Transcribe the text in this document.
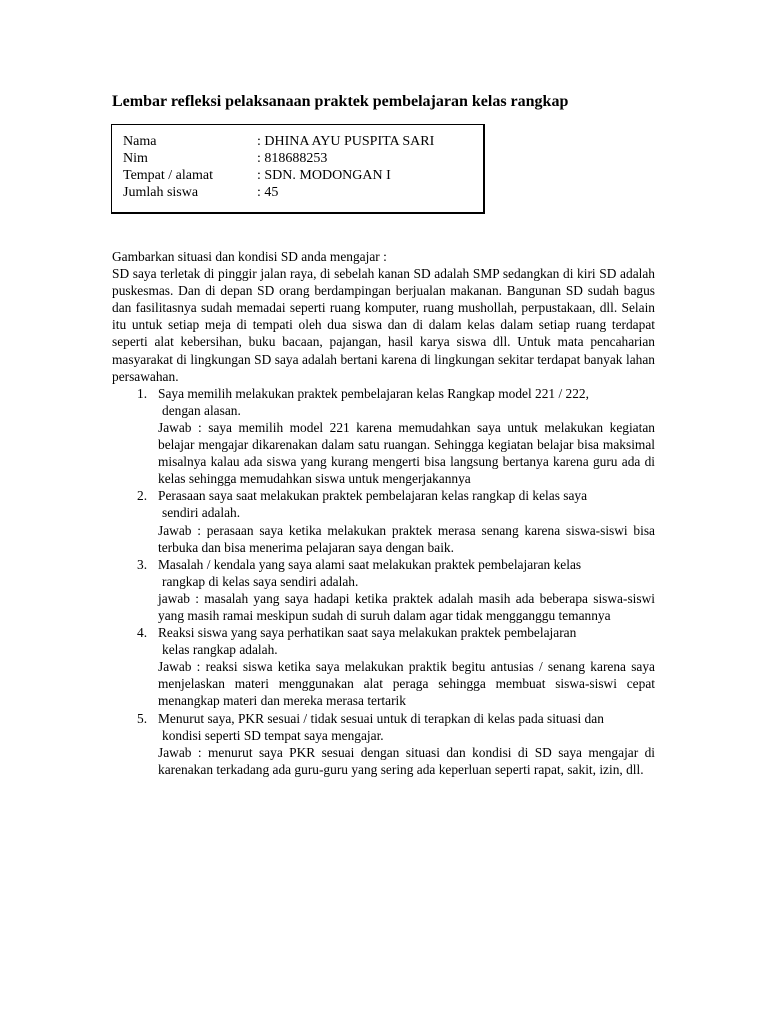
Lembar refleksi pelaksanaan praktek pembelajaran kelas rangkap
Nama	: DHINA AYU PUSPITA SARI
Nim	: 818688253
Tempat / alamat	: SDN. MODONGAN I
Jumlah siswa	: 45
Gambarkan situasi dan kondisi SD anda mengajar :
SD saya terletak di pinggir jalan raya, di sebelah kanan SD adalah SMP sedangkan di kiri SD adalah puskesmas. Dan di depan SD orang berdampingan berjualan makanan. Bangunan SD sudah bagus dan fasilitasnya sudah memadai seperti ruang komputer, ruang mushollah, perpustakaan, dll. Selain itu untuk setiap meja di tempati oleh dua siswa dan di dalam kelas dalam setiap ruang terdapat seperti alat kebersihan, buku bacaan, pajangan, hasil karya siswa dll. Untuk mata pencaharian masyarakat di lingkungan SD saya adalah bertani karena di lingkungan sekitar terdapat banyak lahan persawahan.
1. Saya memilih melakukan praktek pembelajaran kelas Rangkap model 221 / 222,
dengan alasan.
Jawab : saya memilih model 221 karena memudahkan saya untuk melakukan kegiatan belajar mengajar dikarenakan dalam satu ruangan. Sehingga kegiatan belajar bisa maksimal misalnya kalau ada siswa yang kurang mengerti bisa langsung bertanya karena guru ada di kelas sehingga memudahkan siswa untuk mengerjakannya
2. Perasaan saya saat melakukan praktek pembelajaran kelas rangkap di kelas saya
sendiri adalah.
Jawab : perasaan saya ketika melakukan praktek merasa senang karena siswa-siswi bisa terbuka dan bisa menerima pelajaran saya dengan baik.
3. Masalah / kendala yang saya alami saat melakukan praktek pembelajaran kelas
rangkap di kelas saya sendiri adalah.
jawab : masalah yang saya hadapi ketika praktek adalah masih ada beberapa siswa-siswi yang masih ramai meskipun sudah di suruh dalam agar tidak mengganggu temannya
4. Reaksi siswa yang saya perhatikan saat saya melakukan praktek pembelajaran
kelas rangkap adalah.
Jawab : reaksi siswa ketika saya melakukan praktik begitu antusias / senang karena saya menjelaskan materi menggunakan alat peraga sehingga membuat siswa-siswi cepat menangkap materi dan mereka merasa tertarik
5. Menurut saya, PKR sesuai / tidak sesuai untuk di terapkan di kelas pada situasi dan
kondisi seperti SD tempat saya mengajar.
Jawab : menurut saya PKR sesuai dengan situasi dan kondisi di SD saya mengajar di karenakan terkadang ada guru-guru yang sering ada keperluan seperti rapat, sakit, izin, dll.
